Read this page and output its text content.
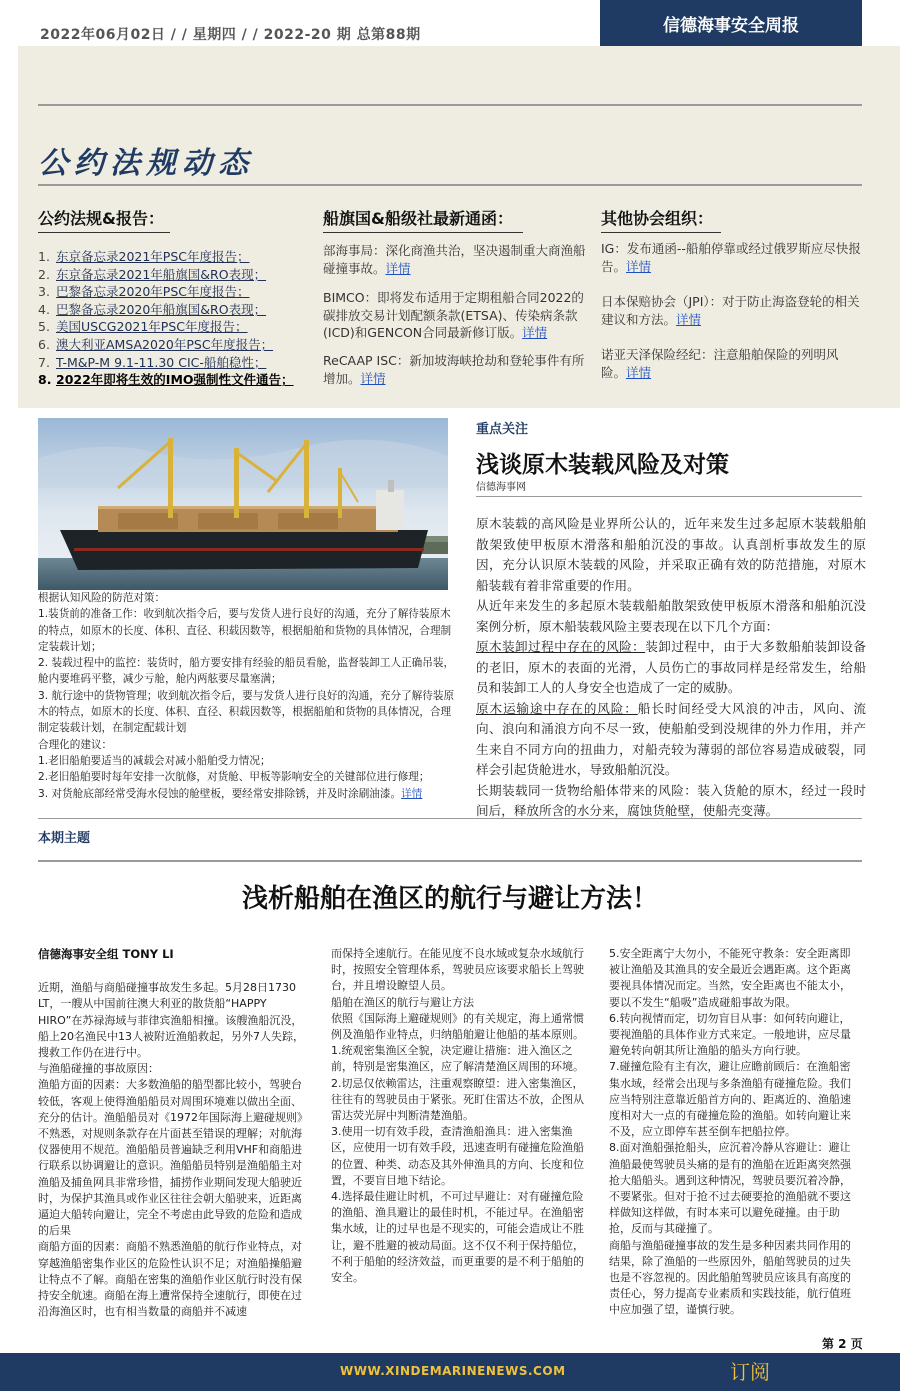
2022年06月02日 / / 星期四 / / 2022-20 期 总第88期	信德海事安全周报
公约法规动态
公约法规&报告：	船旗国&船级社最新通函：	其他协会组织：
1. 东京备忘录2021年PSC年度报告；
2. 东京备忘录2021年船旗国&RO表现；
3. 巴黎备忘录2020年PSC年度报告；
4. 巴黎备忘录2020年船旗国&RO表现；
5. 美国USCG2021年PSC年度报告；
6. 澳大利亚AMSA2020年PSC年度报告；
7. T-M&P-M 9.1-11.30 CIC-船舶稳性；
8. 2022年即将生效的IMO强制性文件通告；
部海事局：深化商渔共治，坚决遏制重大商渔船碰撞事故。详情
BIMCO：即将发布适用于定期租船合同2022的碳排放交易计划配额条款(ETSA)、传染病条款(ICD)和GENCON合同最新修订版。详情
ReCAAP ISC：新加坡海峡抢劫和登轮事件有所增加。详情
IG：发布通函--船舶停靠或经过俄罗斯应尽快报告。详情
日本保赔协会（JPI）：对于防止海盗登轮的相关建议和方法。详情
诺亚天泽保险经纪：注意船舶保险的列明风险。详情
根据认知风险的防范对策：
1.装货前的准备工作：收到航次指令后，要与发货人进行良好的沟通，充分了解待装原木的特点，如原木的长度、体积、直径、积载因数等，根据船舶和货物的具体情况，合理制定装载计划；
2. 装载过程中的监控：装货时，船方要安排有经验的船员看舱，监督装卸工人正确吊装，舱内要堆码平整，减少亏舱，舱内两舷要尽量塞满；
3. 航行途中的货物管理；收到航次指令后，要与发货人进行良好的沟通，充分了解待装原木的特点，如原木的长度、体积、直径、积载因数等，根据船舶和货物的具体情况，合理制定装载计划，在制定配载计划
合理化的建议：
1.老旧船舶要适当的减载会对减小船舶受力情况；
2.老旧船舶要时每年安排一次航修，对货舱、甲板等影响安全的关键部位进行修理；
3. 对货舱底部经常受海水侵蚀的舱壁板，要经常安排除锈，并及时涂刷油漆。详情
重点关注
浅谈原木装载风险及对策
信德海事网
原木装载的高风险是业界所公认的，近年来发生过多起原木装载船舶散架致使甲板原木滑落和船舶沉没的事故。认真剖析事故发生的原因，充分认识原木装载的风险，并采取正确有效的防范措施，对原木船装载有着非常重要的作用。
从近年来发生的多起原木装载船舶散架致使甲板原木滑落和船舶沉没案例分析，原木船装载风险主要表现在以下几个方面：
原木装卸过程中存在的风险：装卸过程中，由于大多数船舶装卸设备的老旧，原木的表面的光滑，人员伤亡的事故同样是经常发生，给船员和装卸工人的人身安全也造成了一定的威胁。
原木运输途中存在的风险：船长时间经受大风浪的冲击，风向、流向、浪向和涌浪方向不尽一致，使船舶受到没规律的外力作用，并产生来自不同方向的扭曲力，对船壳较为薄弱的部位容易造成破裂，同样会引起货舱进水，导致船舶沉没。
长期装载同一货物给船体带来的风险：装入货舱的原木，经过一段时间后，释放所含的水分来，腐蚀货舱壁，使船壳变薄。
本期主题
浅析船舶在渔区的航行与避让方法！
信德海事安全组 TONY LI
近期，渔船与商船碰撞事故发生多起。5月28日1730 LT，一艘从中国前往澳大利亚的散货船“HAPPY HIRO”在苏禄海域与菲律宾渔船相撞。该艘渔船沉没，船上20名渔民中13人被附近渔船救起，另外7人失踪，搜救工作仍在进行中。
与渔船碰撞的事故原因：
渔船方面的因素：大多数渔船的船型都比较小，驾驶台较低，客观上使得渔船船员对周围环境难以做出全面、充分的估计。渔船船员对《1972年国际海上避碰规则》不熟悉，对规则条款存在片面甚至错误的理解；对航海仪器使用不规范。渔船船员普遍缺乏利用VHF和商船进行联系以协调避让的意识。渔船船员特别是渔船船主对渔船及捕鱼网具非常珍惜，捕捞作业期间发现大船驶近时，为保护其渔具或作业区往往会朝大船驶来，近距离逼迫大船转向避让，完全不考虑由此导致的危险和造成的后果
商船方面的因素：商船不熟悉渔船的航行作业特点，对穿越渔船密集作业区的危险性认识不足；对渔船操船避让特点不了解。商船在密集的渔船作业区航行时没有保持安全航速。商船在海上遭常保持全速航行，即使在过沿海渔区时，也有相当数量的商船并不减速
而保持全速航行。在能见度不良水域或复杂水域航行时，按照安全管理体系，驾驶员应该要求船长上驾驶台，并且增设瞭望人员。
船舶在渔区的航行与避让方法
依照《国际海上避碰规则》的有关规定，海上通常惯例及渔船作业特点，归纳船舶避让他船的基本原则。
1.统观密集渔区全貌，决定避让措施：进入渔区之前，特别是密集渔区，应了解清楚渔区周围的环境。
2.切忌仅依赖雷达，注重观察瞭望：进入密集渔区，往往有的驾驶员由于紧张。死盯住雷达不放，企图从雷达荧光屏中判断清楚渔船。
3.使用一切有效手段，查清渔船渔具：进入密集渔区，应使用一切有效手段，迅速查明有碰撞危险渔船的位置、种类、动态及其外伸渔具的方向、长度和位置，不要盲目地下结论。
4.选择最佳避让时机，不可过早避让：对有碰撞危险的渔船、渔具避让的最佳时机，不能过早。在渔船密集水域，让的过早也是不现实的，可能会造成让不胜让，避不胜避的被动局面。这不仅不利于保持船位，不利于船舶的经济效益，而更重要的是不利于船舶的安全。
5.安全距离宁大勿小，不能死守教条：安全距离即被让渔船及其渔具的安全最近会遇距离。这个距离要视具体情况而定。当然，安全距离也不能太小，要以不发生“船吸”造成碰船事故为限。
6.转向视情而定，切勿盲目从事：如何转向避让，要视渔船的具体作业方式来定。一般地讲，应尽量避免转向朝其所让渔船的船头方向行驶。
7.碰撞危险有主有次，避让应瞻前顾后：在渔船密集水域，经常会出现与多条渔船有碰撞危险。我们应当特别注意靠近船首方向的、距离近的、渔船速度相对大一点的有碰撞危险的渔船。如转向避让来不及，应立即停车甚至倒车把船拉停。
8.面对渔船强抢船头，应沉着冷静从容避让：避让渔船最使驾驶员头痛的是有的渔船在近距离突然强抢大船船头。遇到这种情况，驾驶员要沉着冷静，不要紧张。但对于抢不过去硬要抢的渔船就不要这样做知这样做，有时本来可以避免碰撞。由于助抢，反而与其碰撞了。
商船与渔船碰撞事故的发生是多种因素共同作用的结果，除了渔船的一些原因外，船舶驾驶员的过失也是不容忽视的。因此船舶驾驶员应该具有高度的责任心，努力提高专业素质和实践技能，航行值班中应加强了望，谨慎行驶。
第 2 页
WWW.XINDEMARINENEWS.COM	订阅
